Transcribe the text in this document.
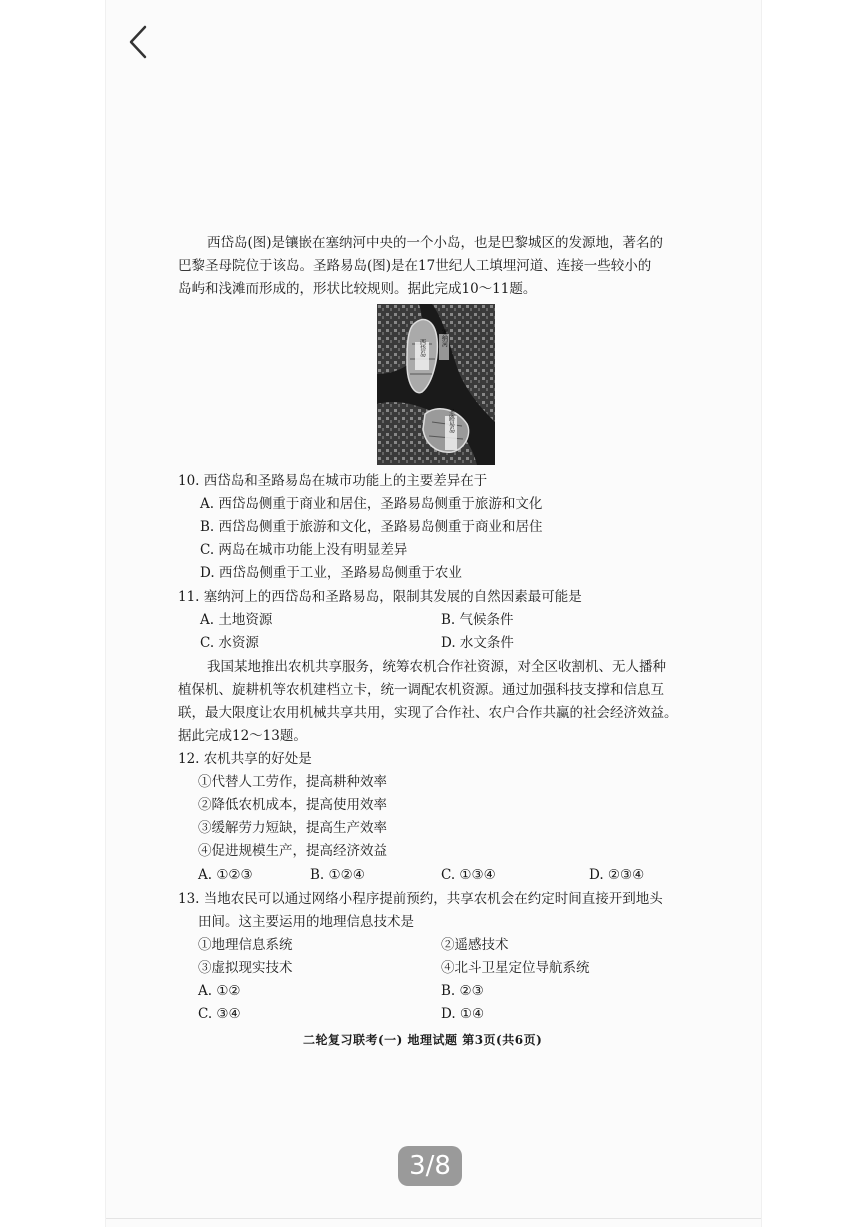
西岱岛(图)是镶嵌在塞纳河中央的一个小岛，也是巴黎城区的发源地，著名的
巴黎圣母院位于该岛。圣路易岛(图)是在17世纪人工填埋河道、连接一些较小的
岛屿和浅滩而形成的，形状比较规则。据此完成10～11题。
西岱岛
塞纳河
圣路易岛
10. 西岱岛和圣路易岛在城市功能上的主要差异在于
A. 西岱岛侧重于商业和居住，圣路易岛侧重于旅游和文化
B. 西岱岛侧重于旅游和文化，圣路易岛侧重于商业和居住
C. 两岛在城市功能上没有明显差异
D. 西岱岛侧重于工业，圣路易岛侧重于农业
11. 塞纳河上的西岱岛和圣路易岛，限制其发展的自然因素最可能是
A. 土地资源	B. 气候条件
C. 水资源	D. 水文条件
我国某地推出农机共享服务，统筹农机合作社资源，对全区收割机、无人播种
植保机、旋耕机等农机建档立卡，统一调配农机资源。通过加强科技支撑和信息互
联，最大限度让农用机械共享共用，实现了合作社、农户合作共赢的社会经济效益。
据此完成12～13题。
12. 农机共享的好处是
①代替人工劳作，提高耕种效率
②降低农机成本，提高使用效率
③缓解劳力短缺，提高生产效率
④促进规模生产，提高经济效益
A. ①②③	B. ①②④	C. ①③④	D. ②③④
13. 当地农民可以通过网络小程序提前预约，共享农机会在约定时间直接开到地头
田间。这主要运用的地理信息技术是
①地理信息系统	②遥感技术
③虚拟现实技术	④北斗卫星定位导航系统
A. ①②	B. ②③
C. ③④	D. ①④
二轮复习联考(一) 地理试题 第3页(共6页)
3/8
